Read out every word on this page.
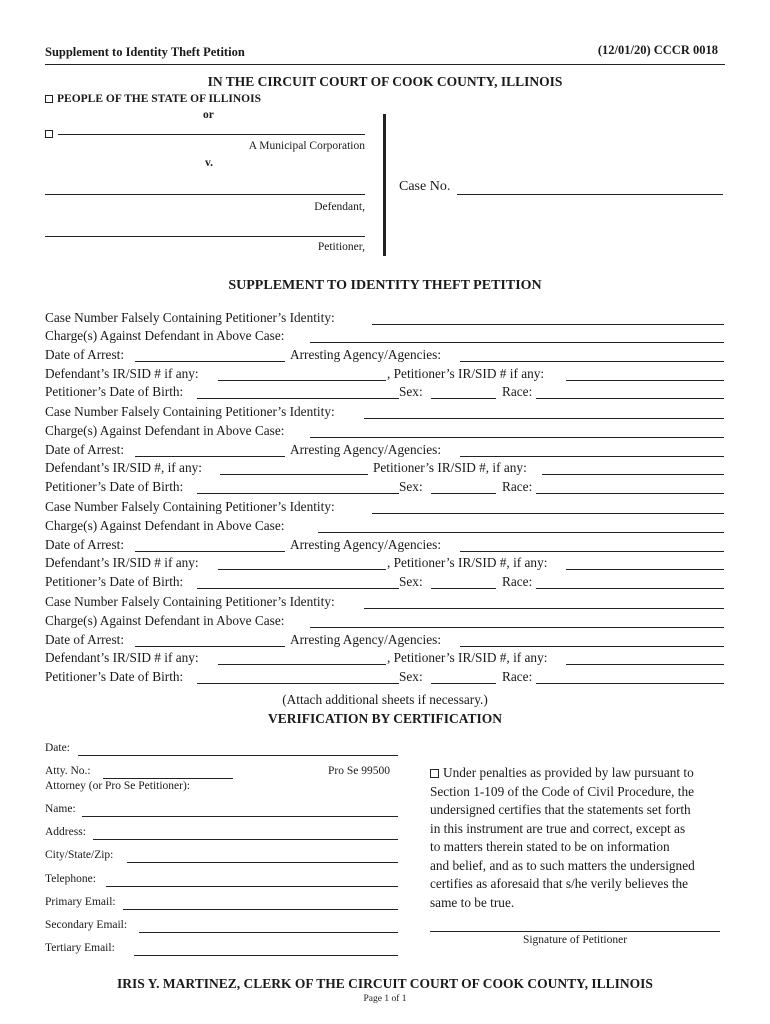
Supplement to Identity Theft Petition	(12/01/20) CCCR 0018
IN THE CIRCUIT COURT OF COOK COUNTY, ILLINOIS
PEOPLE OF THE STATE OF ILLINOIS
or
A Municipal Corporation
v.
Defendant,
Petitioner,
Case No.
SUPPLEMENT TO IDENTITY THEFT PETITION
Case Number Falsely Containing Petitioner’s Identity:
Charge(s) Against Defendant in Above Case:
Date of Arrest:	Arresting Agency/Agencies:
Defendant’s IR/SID # if any:	, Petitioner’s IR/SID # if any:
Petitioner’s Date of Birth:	Sex:	Race:
Case Number Falsely Containing Petitioner’s Identity:
Charge(s) Against Defendant in Above Case:
Date of Arrest:	Arresting Agency/Agencies:
Defendant’s IR/SID #, if any:	Petitioner’s IR/SID #, if any:
Petitioner’s Date of Birth:	Sex:	Race:
Case Number Falsely Containing Petitioner’s Identity:
Charge(s) Against Defendant in Above Case:
Date of Arrest:	Arresting Agency/Agencies:
Defendant’s IR/SID # if any:	, Petitioner’s IR/SID #, if any:
Petitioner’s Date of Birth:	Sex:	Race:
Case Number Falsely Containing Petitioner’s Identity:
Charge(s) Against Defendant in Above Case:
Date of Arrest:	Arresting Agency/Agencies:
Defendant’s IR/SID # if any:	, Petitioner’s IR/SID #, if any:
Petitioner’s Date of Birth:	Sex:	Race:
(Attach additional sheets if necessary.)
VERIFICATION BY CERTIFICATION
Date:
Atty. No.:	Pro Se 99500
Attorney (or Pro Se Petitioner):
Name:
Address:
City/State/Zip:
Telephone:
Primary Email:
Secondary Email:
Tertiary Email:
Under penalties as provided by law pursuant to
Section 1-109 of the Code of Civil Procedure, the
undersigned certifies that the statements set forth
in this instrument are true and correct, except as
to matters therein stated to be on information
and belief, and as to such matters the undersigned
certifies as aforesaid that s/he verily believes the
same to be true.
Signature of Petitioner
IRIS Y. MARTINEZ, CLERK OF THE CIRCUIT COURT OF COOK COUNTY, ILLINOIS
Page 1 of 1
